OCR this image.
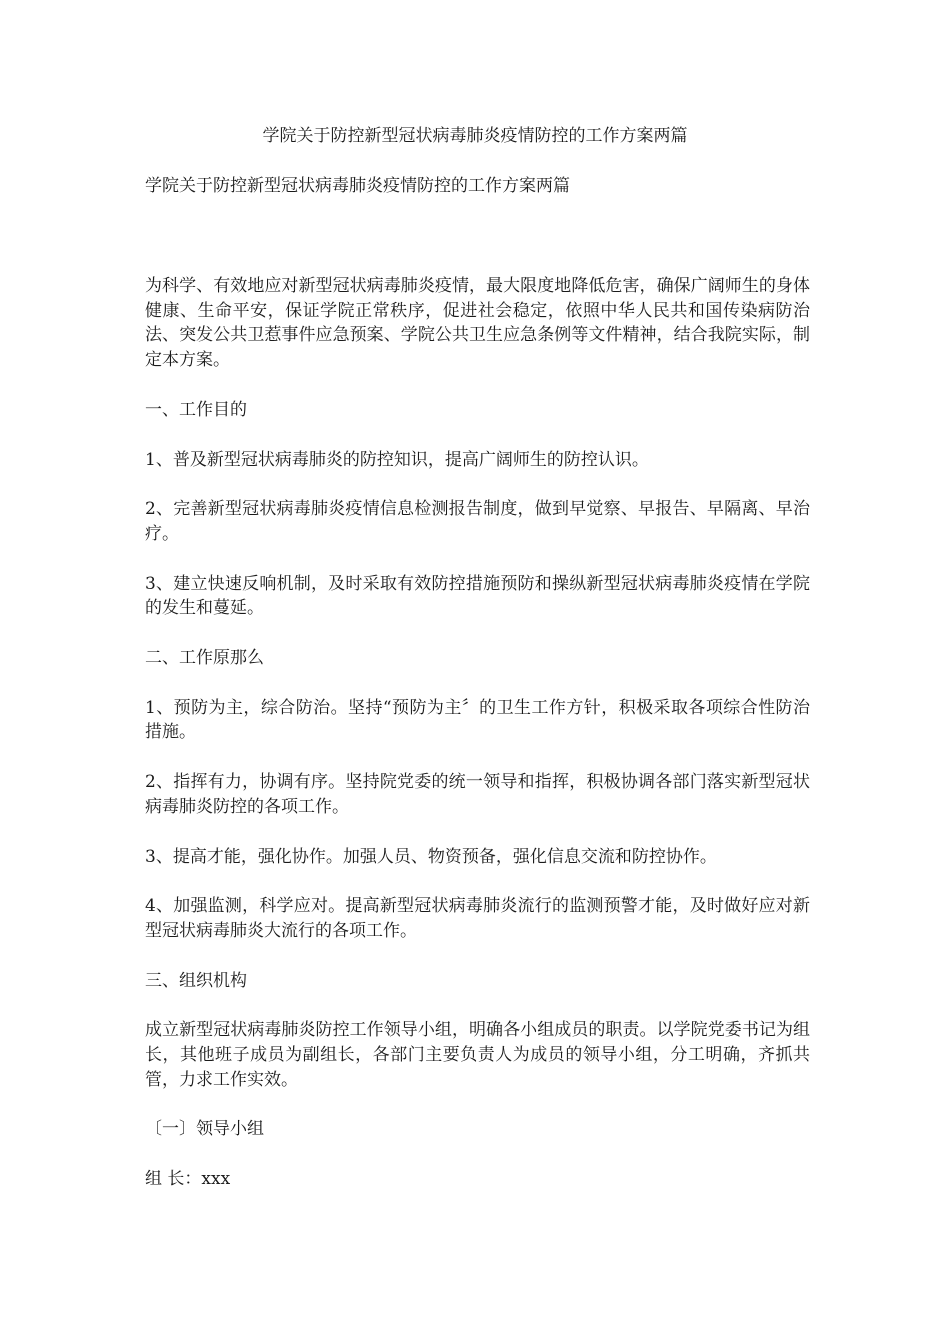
学院关于防控新型冠状病毒肺炎疫情防控的工作方案两篇

学院关于防控新型冠状病毒肺炎疫情防控的工作方案两篇

为科学、有效地应对新型冠状病毒肺炎疫情，最大限度地降低危害，确保广阔师生的身体健康、生命平安，保证学院正常秩序，促进社会稳定，依照中华人民共和国传染病防治法、突发公共卫惹事件应急预案、学院公共卫生应急条例等文件精神，结合我院实际，制定本方案。

一、工作目的

1、普及新型冠状病毒肺炎的防控知识，提高广阔师生的防控认识。

2、完善新型冠状病毒肺炎疫情信息检测报告制度，做到早觉察、早报告、早隔离、早治疗。

3、建立快速反响机制，及时采取有效防控措施预防和操纵新型冠状病毒肺炎疫情在学院的发生和蔓延。

二、工作原那么

1、预防为主，综合防治。坚持“预防为主〞的卫生工作方针，积极采取各项综合性防治措施。

2、指挥有力，协调有序。坚持院党委的统一领导和指挥，积极协调各部门落实新型冠状病毒肺炎防控的各项工作。

3、提高才能，强化协作。加强人员、物资预备，强化信息交流和防控协作。

4、加强监测，科学应对。提高新型冠状病毒肺炎流行的监测预警才能，及时做好应对新型冠状病毒肺炎大流行的各项工作。

三、组织机构

成立新型冠状病毒肺炎防控工作领导小组，明确各小组成员的职责。以学院党委书记为组长，其他班子成员为副组长，各部门主要负责人为成员的领导小组，分工明确，齐抓共管，力求工作实效。

〔一〕领导小组

组 长：xxx
